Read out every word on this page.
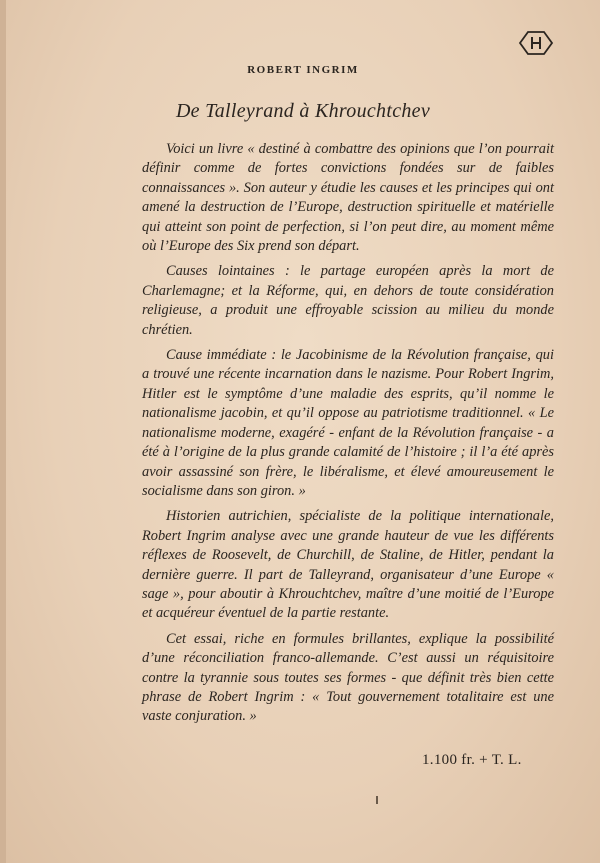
ROBERT INGRIM
De Talleyrand à Khrouchtchev

Voici un livre « destiné à combattre des opinions que l’on pourrait définir comme de fortes convictions fondées sur de faibles connaissances ». Son auteur y étudie les causes et les principes qui ont amené la destruction de l’Europe, destruction spirituelle et matérielle qui atteint son point de perfection, si l’on peut dire, au moment même où l’Europe des Six prend son départ.

Causes lointaines : le partage européen après la mort de Charlemagne; et la Réforme, qui, en dehors de toute considération religieuse, a produit une effroyable scission au milieu du monde chrétien.

Cause immédiate : le Jacobinisme de la Révolution française, qui a trouvé une récente incarnation dans le nazisme. Pour Robert Ingrim, Hitler est le symptôme d’une maladie des esprits, qu’il nomme le nationalisme jacobin, et qu’il oppose au patriotisme traditionnel. « Le nationalisme moderne, exagéré - enfant de la Révolution française - a été à l’origine de la plus grande calamité de l’histoire ; il l’a été après avoir assassiné son frère, le libéralisme, et élevé amoureusement le socialisme dans son giron. »

Historien autrichien, spécialiste de la politique internationale, Robert Ingrim analyse avec une grande hauteur de vue les différents réflexes de Roosevelt, de Churchill, de Staline, de Hitler, pendant la dernière guerre. Il part de Talleyrand, organisateur d’une Europe « sage », pour aboutir à Khrouchtchev, maître d’une moitié de l’Europe et acquéreur éventuel de la partie restante.

Cet essai, riche en formules brillantes, explique la possibilité d’une réconciliation franco-allemande. C’est aussi un réquisitoire contre la tyrannie sous toutes ses formes - que définit très bien cette phrase de Robert Ingrim : « Tout gouvernement totalitaire est une vaste conjuration. »

1.100 fr. + T. L.
